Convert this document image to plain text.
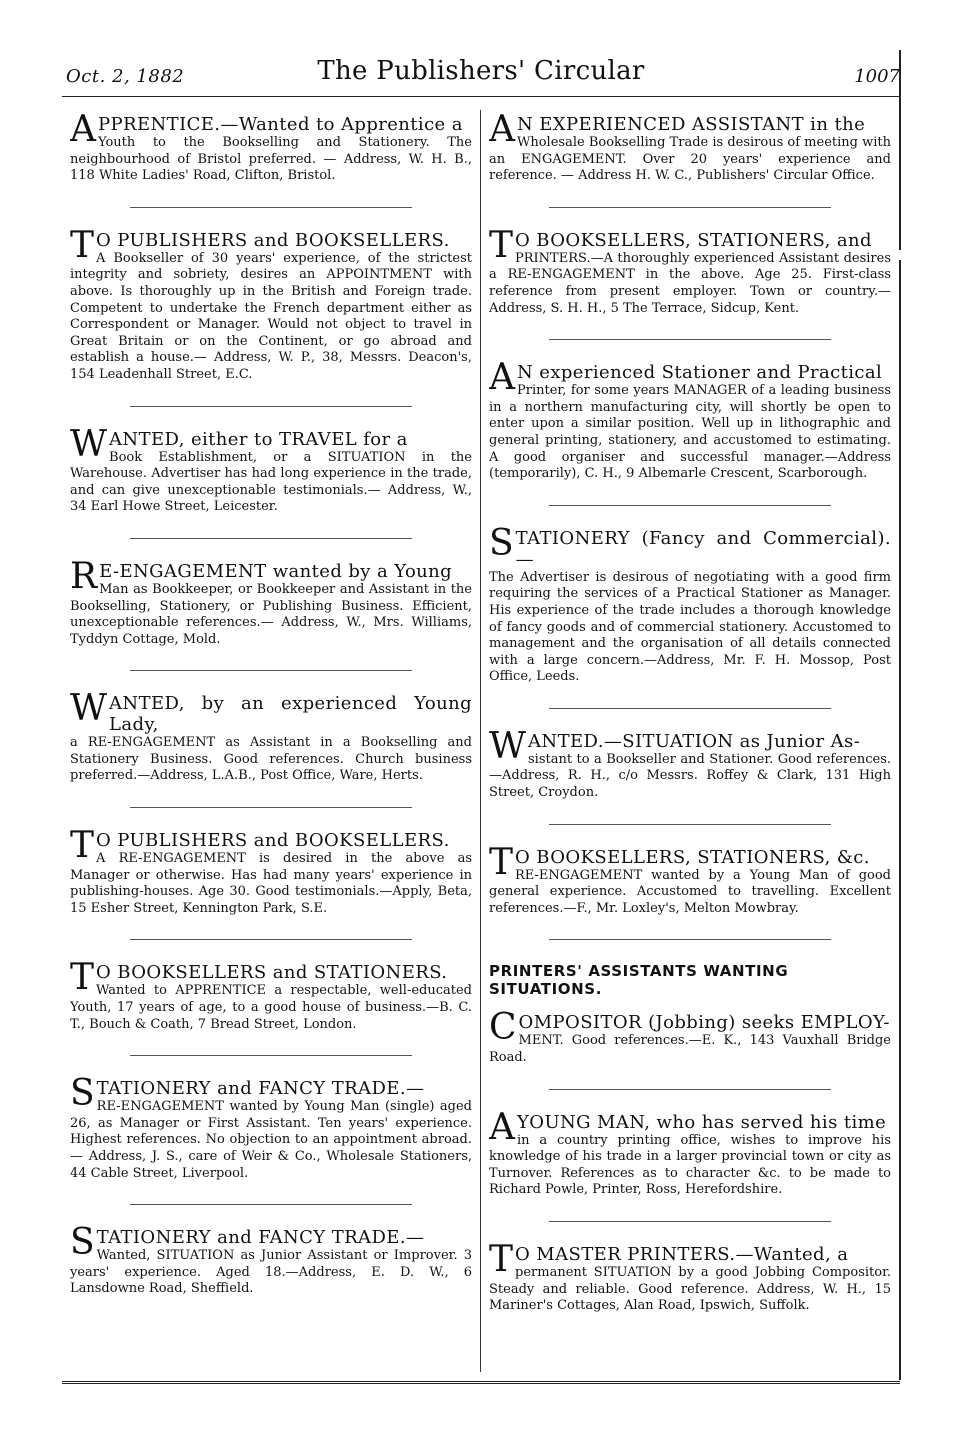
Oct. 2, 1882	The Publishers' Circular	1007

A PPRENTICE.—Wanted to Apprentice a
Youth to the Bookselling and Stationery. The neighbourhood of Bristol preferred. — Address, W. H. B., 118 White Ladies' Road, Clifton, Bristol.

T O PUBLISHERS and BOOKSELLERS.
A Bookseller of 30 years' experience, of the strictest integrity and sobriety, desires an APPOINTMENT with above. Is thoroughly up in the British and Foreign trade. Competent to undertake the French department either as Correspondent or Manager. Would not object to travel in Great Britain or on the Continent, or go abroad and establish a house.— Address, W. P., 38, Messrs. Deacon's, 154 Leadenhall Street, E.C.

W ANTED, either to TRAVEL for a
Book Establishment, or a SITUATION in the Warehouse. Advertiser has had long experience in the trade, and can give unexceptionable testimonials.— Address, W., 34 Earl Howe Street, Leicester.

R E-ENGAGEMENT wanted by a Young
Man as Bookkeeper, or Bookkeeper and Assistant in the Bookselling, Stationery, or Publishing Business. Efficient, unexceptionable references.— Address, W., Mrs. Williams, Tyddyn Cottage, Mold.

W ANTED, by an experienced Young Lady,
a RE-ENGAGEMENT as Assistant in a Bookselling and Stationery Business. Good references. Church business preferred.—Address, L.A.B., Post Office, Ware, Herts.

T O PUBLISHERS and BOOKSELLERS.
A RE-ENGAGEMENT is desired in the above as Manager or otherwise. Has had many years' experience in publishing-houses. Age 30. Good testimonials.—Apply, Beta, 15 Esher Street, Kennington Park, S.E.

T O BOOKSELLERS and STATIONERS.
Wanted to APPRENTICE a respectable, well-educated Youth, 17 years of age, to a good house of business.—B. C. T., Bouch & Coath, 7 Bread Street, London.

S TATIONERY and FANCY TRADE.—
RE-ENGAGEMENT wanted by Young Man (single) aged 26, as Manager or First Assistant. Ten years' experience. Highest references. No objection to an appointment abroad. — Address, J. S., care of Weir & Co., Wholesale Stationers, 44 Cable Street, Liverpool.

S TATIONERY and FANCY TRADE.—
Wanted, SITUATION as Junior Assistant or Improver. 3 years' experience. Aged 18.—Address, E. D. W., 6 Lansdowne Road, Sheffield.

A N EXPERIENCED ASSISTANT in the
Wholesale Bookselling Trade is desirous of meeting with an ENGAGEMENT. Over 20 years' experience and reference. — Address H. W. C., Publishers' Circular Office.

T O BOOKSELLERS, STATIONERS, and
PRINTERS.—A thoroughly experienced Assistant desires a RE-ENGAGEMENT in the above. Age 25. First-class reference from present employer. Town or country.—Address, S. H. H., 5 The Terrace, Sidcup, Kent.

A N experienced Stationer and Practical
Printer, for some years MANAGER of a leading business in a northern manufacturing city, will shortly be open to enter upon a similar position. Well up in lithographic and general printing, stationery, and accustomed to estimating. A good organiser and successful manager.—Address (temporarily), C. H., 9 Albemarle Crescent, Scarborough.

S TATIONERY (Fancy and Commercial).—
The Advertiser is desirous of negotiating with a good firm requiring the services of a Practical Stationer as Manager. His experience of the trade includes a thorough knowledge of fancy goods and of commercial stationery. Accustomed to management and the organisation of all details connected with a large concern.—Address, Mr. F. H. Mossop, Post Office, Leeds.

W ANTED.—SITUATION as Junior As-
sistant to a Bookseller and Stationer. Good references.—Address, R. H., c/o Messrs. Roffey & Clark, 131 High Street, Croydon.

T O BOOKSELLERS, STATIONERS, &c.
RE-ENGAGEMENT wanted by a Young Man of good general experience. Accustomed to travelling. Excellent references.—F., Mr. Loxley's, Melton Mowbray.

PRINTERS' ASSISTANTS WANTING SITUATIONS.

C OMPOSITOR (Jobbing) seeks EMPLOY-
MENT. Good references.—E. K., 143 Vauxhall Bridge Road.

A YOUNG MAN, who has served his time
in a country printing office, wishes to improve his knowledge of his trade in a larger provincial town or city as Turnover. References as to character &c. to be made to Richard Powle, Printer, Ross, Herefordshire.

T O MASTER PRINTERS.—Wanted, a
permanent SITUATION by a good Jobbing Compositor. Steady and reliable. Good reference. Address, W. H., 15 Mariner's Cottages, Alan Road, Ipswich, Suffolk.
